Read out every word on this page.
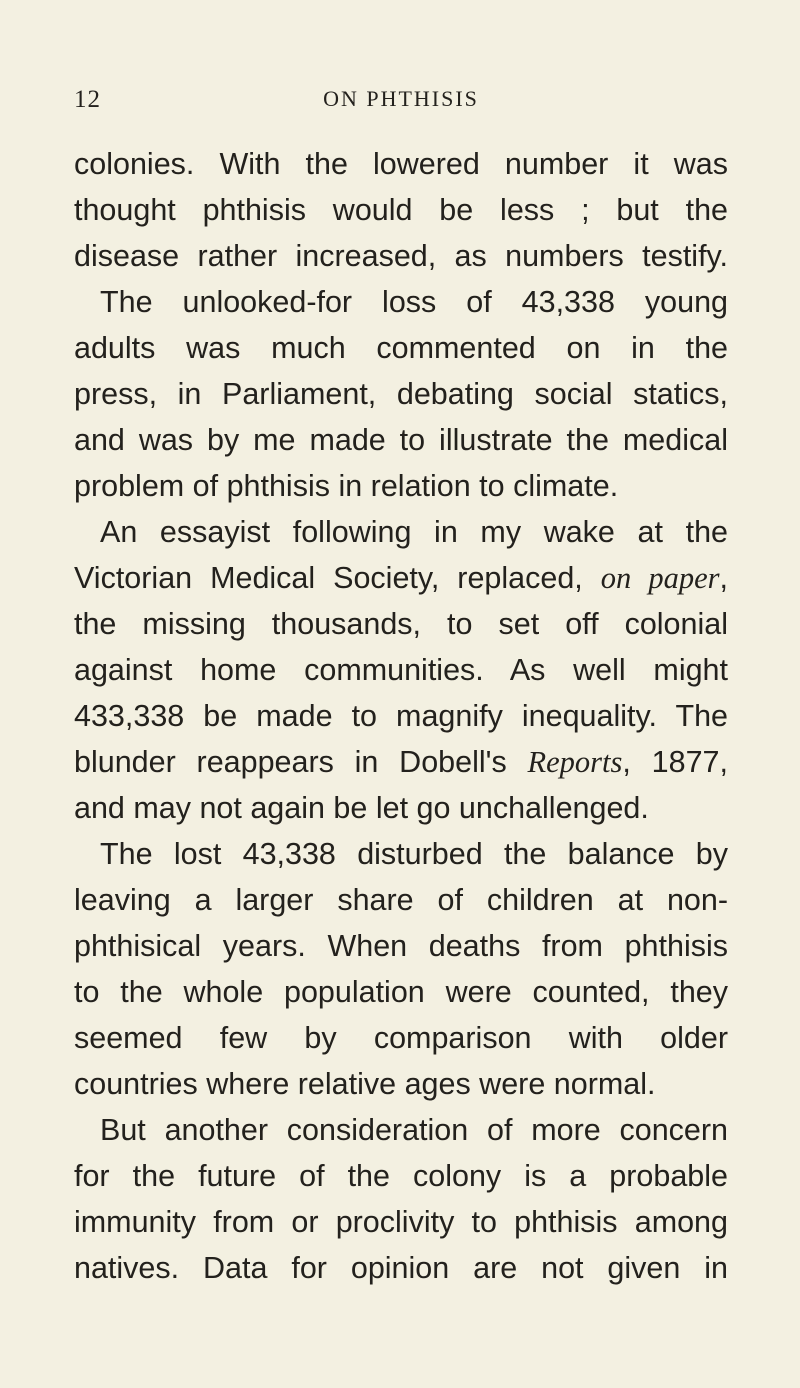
12	ON PHTHISIS
colonies. With the lowered number it was
thought phthisis would be less ; but the
disease rather increased, as numbers testify.
The unlooked-for loss of 43,338 young
adults was much commented on in the
press, in Parliament, debating social statics,
and was by me made to illustrate the medical
problem of phthisis in relation to climate.
An essayist following in my wake at the
Victorian Medical Society, replaced, on paper,
the missing thousands, to set off colonial
against home communities. As well might
433,338 be made to magnify inequality. The
blunder reappears in Dobell's Reports, 1877,
and may not again be let go unchallenged.
The lost 43,338 disturbed the balance by
leaving a larger share of children at non-
phthisical years. When deaths from phthisis
to the whole population were counted, they
seemed few by comparison with older
countries where relative ages were normal.
But another consideration of more concern
for the future of the colony is a probable
immunity from or proclivity to phthisis among
natives. Data for opinion are not given in
